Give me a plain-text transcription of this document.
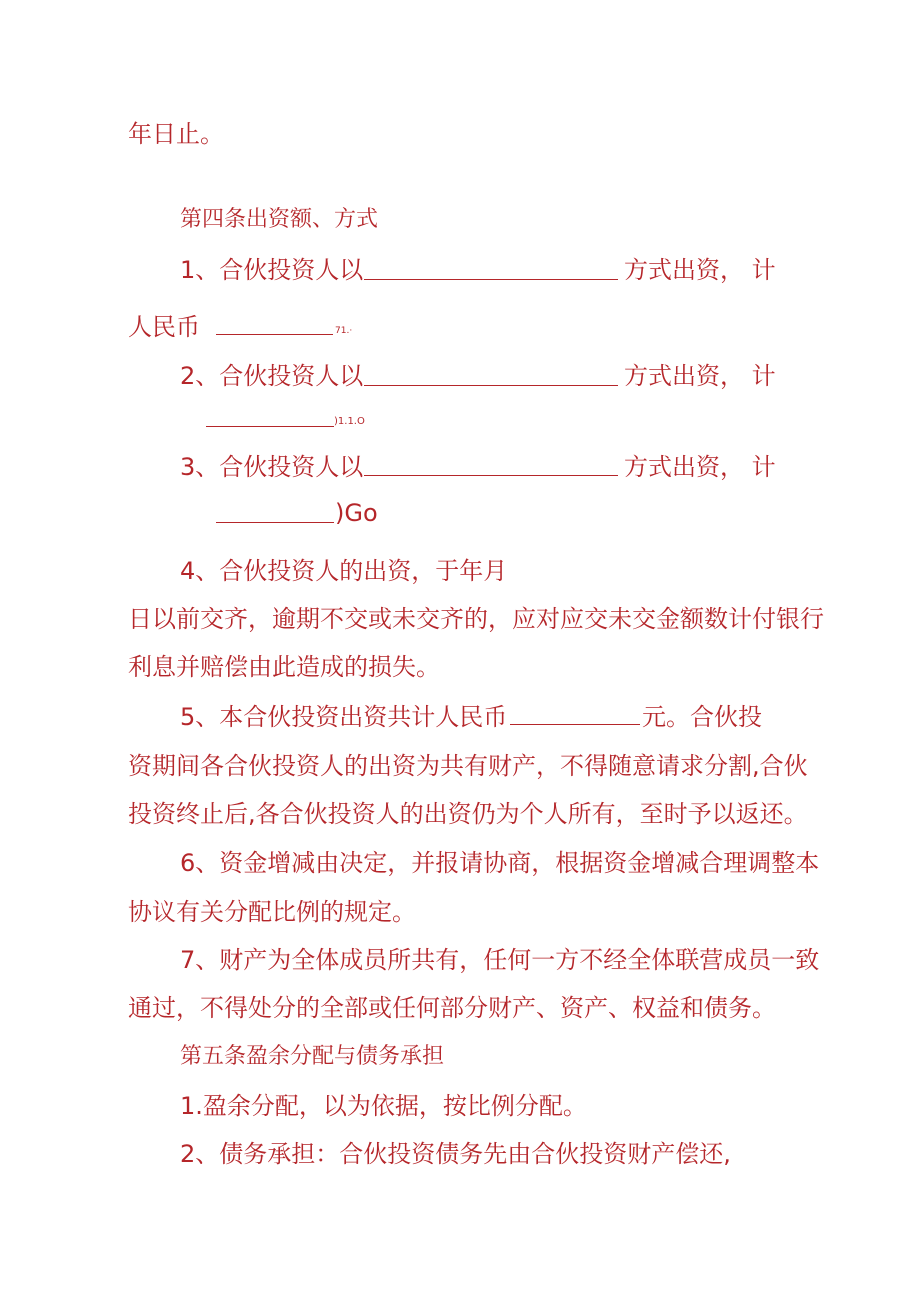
年日止。
第四条出资额、方式
1、合伙投资人以	方式出资， 计
人民币	71.·
2、合伙投资人以	方式出资， 计
)1.1.O
3、合伙投资人以	方式出资， 计
)Go
4、合伙投资人的出资，于年月
日以前交齐，逾期不交或未交齐的，应对应交未交金额数计付银行
利息并赔偿由此造成的损失。
5、本合伙投资出资共计人民币	元。合伙投
资期间各合伙投资人的出资为共有财产，不得随意请求分割,合伙
投资终止后,各合伙投资人的出资仍为个人所有，至时予以返还。
6、资金增减由决定，并报请协商，根据资金增减合理调整本
协议有关分配比例的规定。
7、财产为全体成员所共有，任何一方不经全体联营成员一致
通过，不得处分的全部或任何部分财产、资产、权益和债务。
第五条盈余分配与债务承担
1.盈余分配，以为依据，按比例分配。
2、债务承担：合伙投资债务先由合伙投资财产偿还,
